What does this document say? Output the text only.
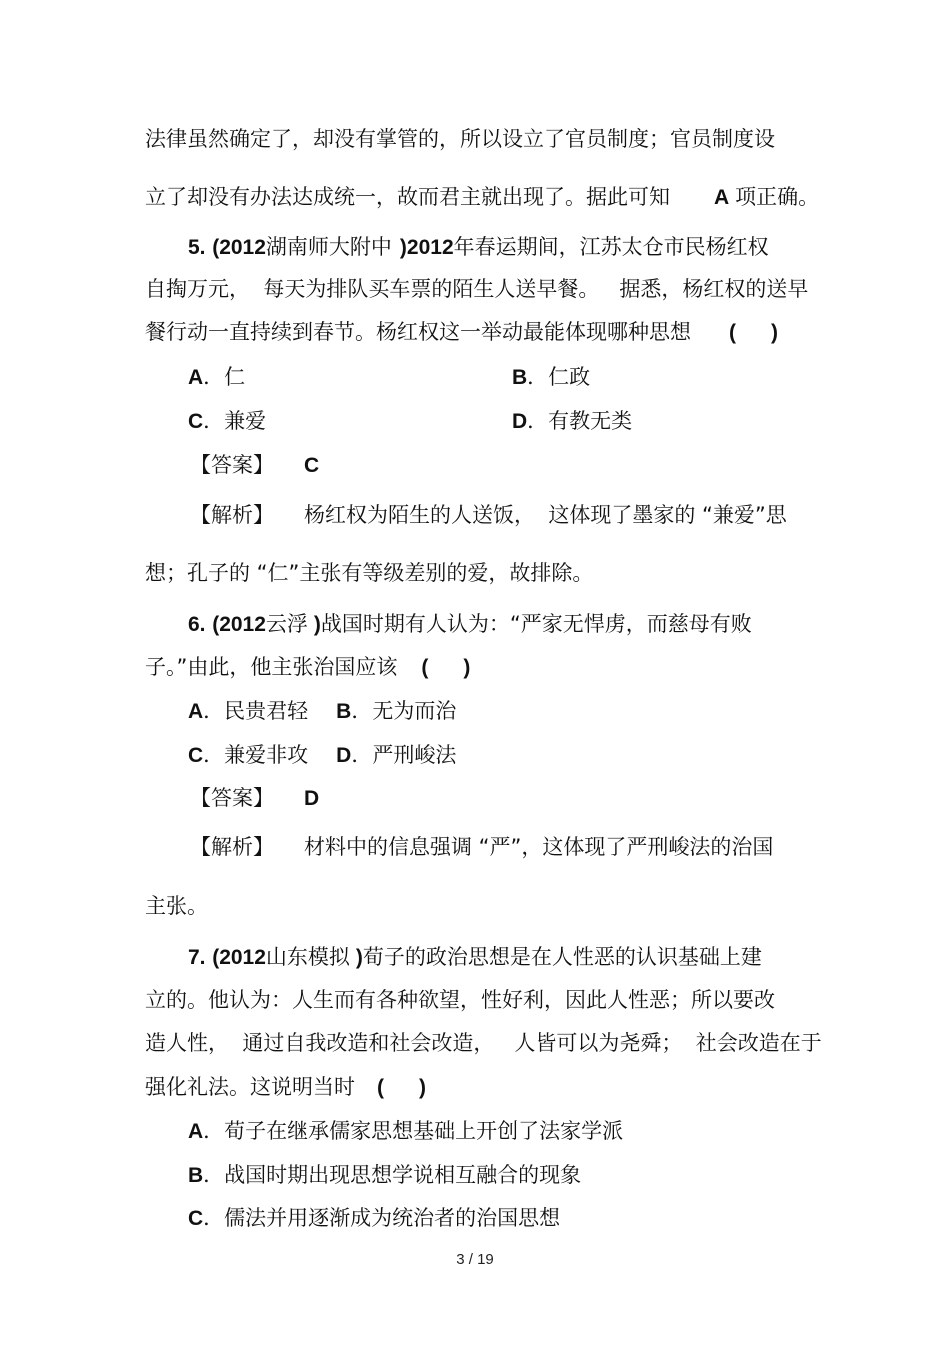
法律虽然确定了，却没有掌管的，所以设立了官员制度；官员制度设
立了却没有办法达成统一，故而君主就出现了。据此可知 A 项正确。
5. (2012湖南师大附中 )2012年春运期间，江苏太仓市民杨红权
自掏万元，  每天为排队买车票的陌生人送早餐。   据悉，杨红权的送早
餐行动一直持续到春节。杨红权这一举动最能体现哪种思想 (      )
A．仁	B．仁政
C．兼爱	D．有教无类
【答案】 C
【解析】 杨红权为陌生的人送饭，  这体现了墨家的 “兼爱”思
想；孔子的 “仁”主张有等级差别的爱，故排除。
6. (2012云浮 )战国时期有人认为：“严家无悍虏，而慈母有败
子。”由此，他主张治国应该 (      )
A．民贵君轻 B．无为而治
C．兼爱非攻 D．严刑峻法
【答案】 D
【解析】 材料中的信息强调 “严”，这体现了严刑峻法的治国
主张。
7. (2012山东模拟 )荀子的政治思想是在人性恶的认识基础上建
立的。他认为：人生而有各种欲望，性好利，因此人性恶；所以要改
造人性，  通过自我改造和社会改造，   人皆可以为尧舜；  社会改造在于
强化礼法。这说明当时 (      )
A．荀子在继承儒家思想基础上开创了法家学派
B．战国时期出现思想学说相互融合的现象
C．儒法并用逐渐成为统治者的治国思想
3 / 19
